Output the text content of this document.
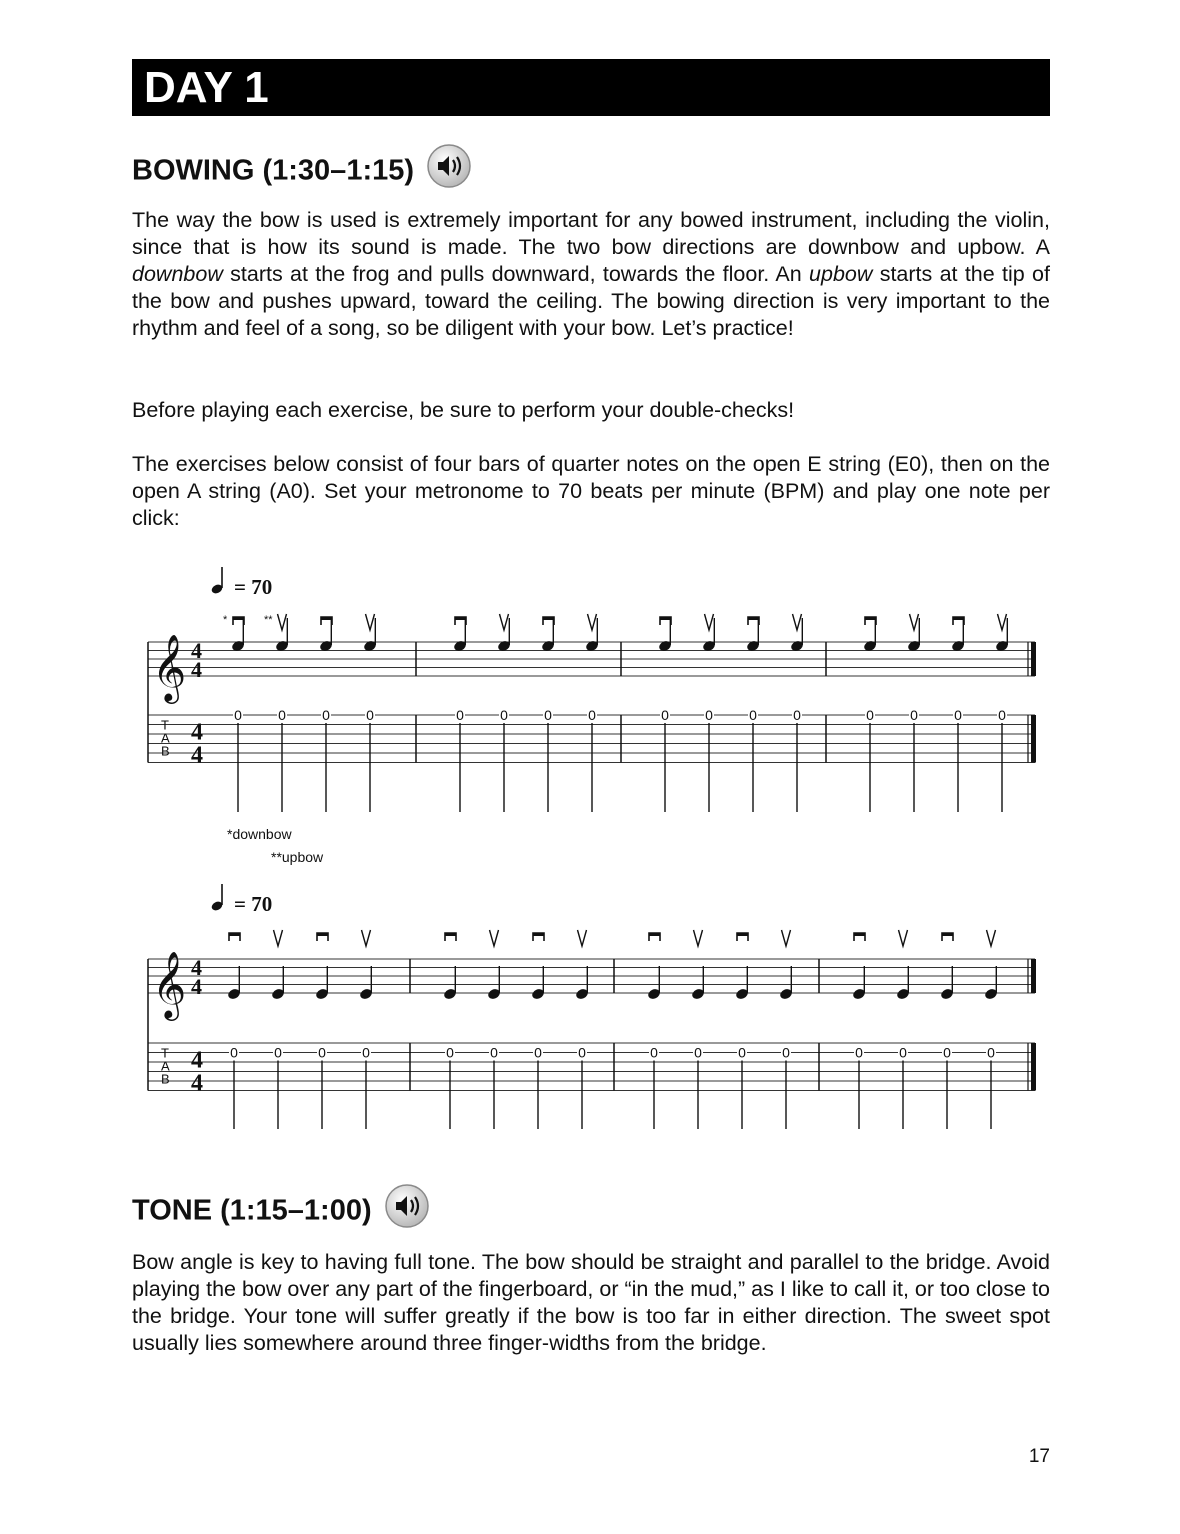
DAY 1
BOWING (1:30–1:15)

The way the bow is used is extremely important for any bowed instrument, including the violin, since that is how its sound is made. The two bow directions are downbow and upbow. A downbow starts at the frog and pulls downward, towards the floor. An upbow starts at the tip of the bow and pushes upward, toward the ceiling. The bowing direction is very important to the rhythm and feel of a song, so be diligent with your bow. Let’s practice!

Before playing each exercise, be sure to perform your double-checks!

The exercises below consist of four bars of quarter notes on the open E string (E0), then on the open A string (A0). Set your metronome to 70 beats per minute (BPM) and play one note per click:

= 70
𝄞 4
4
4
4
T
A
B
*
0
**
0	0	0	0	0	0	0	0	0	0	0	0	0	0	0
*downbow
**upbow
= 70
𝄞 4
4
4
4
T
A
B
0	0	0	0	0	0	0	0	0	0	0	0	0	0	0	0
TONE (1:15–1:00)

Bow angle is key to having full tone. The bow should be straight and parallel to the bridge. Avoid playing the bow over any part of the fingerboard, or “in the mud,” as I like to call it, or too close to the bridge. Your tone will suffer greatly if the bow is too far in either direction. The sweet spot usually lies somewhere around three finger-widths from the bridge.

17
